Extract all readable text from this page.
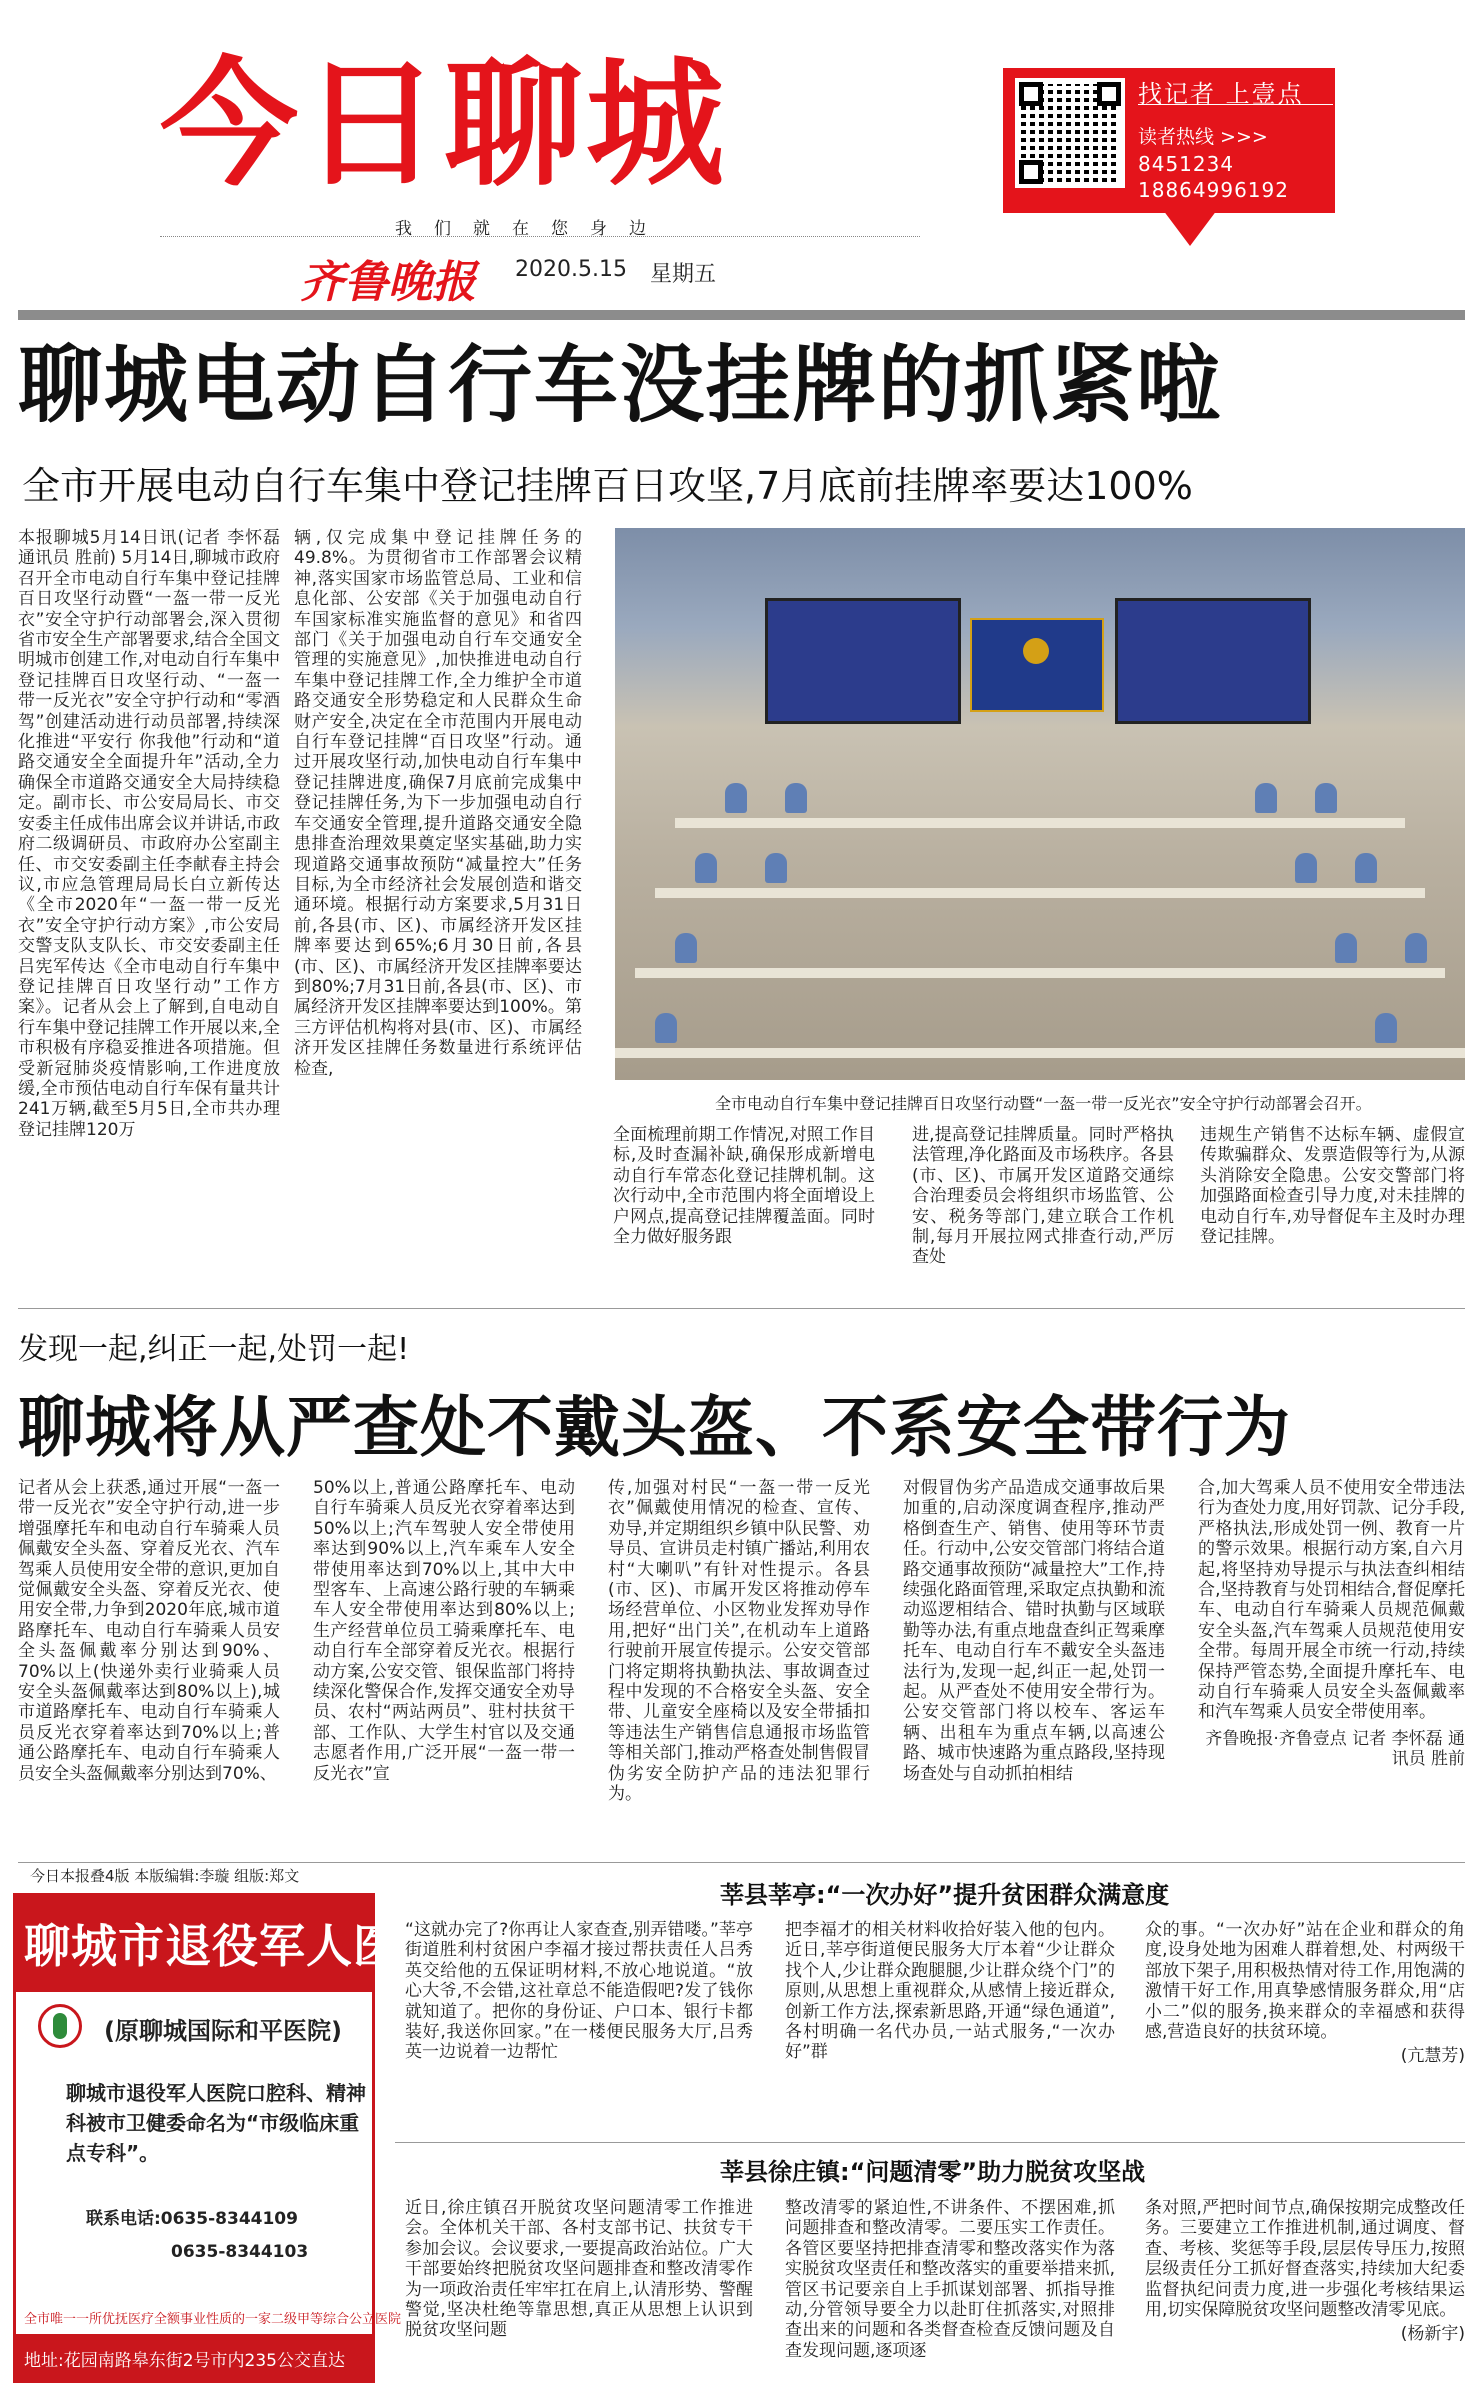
今日聊城
我们就在您身边
齐鲁晚报 2020.5.15 星期五
找记者 上壹点
读者热线 >>>
8451234
18864996192
聊城电动自行车没挂牌的抓紧啦
全市开展电动自行车集中登记挂牌百日攻坚,7月底前挂牌率要达100%

本报聊城5月14日讯(记者 李怀磊 通讯员 胜前) 5月14日,聊城市政府召开全市电动自行车集中登记挂牌百日攻坚行动暨“一盔一带一反光衣”安全守护行动部署会,深入贯彻省市安全生产部署要求,结合全国文明城市创建工作,对电动自行车集中登记挂牌百日攻坚行动、“一盔一带一反光衣”安全守护行动和“零酒驾”创建活动进行动员部署,持续深化推进“平安行 你我他”行动和“道路交通安全全面提升年”活动,全力确保全市道路交通安全大局持续稳定。副市长、市公安局局长、市交安委主任成伟出席会议并讲话,市政府二级调研员、市政府办公室副主任、市交安委副主任李献春主持会议,市应急管理局局长白立新传达《全市2020年“一盔一带一反光衣”安全守护行动方案》,市公安局交警支队支队长、市交安委副主任吕宪军传达《全市电动自行车集中登记挂牌百日攻坚行动”工作方案》。记者从会上了解到,自电动自行车集中登记挂牌工作开展以来,全市积极有序稳妥推进各项措施。但受新冠肺炎疫情影响,工作进度放缓,全市预估电动自行车保有量共计241万辆,截至5月5日,全市共办理登记挂牌120万

辆,仅完成集中登记挂牌任务的49.8%。为贯彻省市工作部署会议精神,落实国家市场监管总局、工业和信息化部、公安部《关于加强电动自行车国家标准实施监督的意见》和省四部门《关于加强电动自行车交通安全管理的实施意见》,加快推进电动自行车集中登记挂牌工作,全力维护全市道路交通安全形势稳定和人民群众生命财产安全,决定在全市范围内开展电动自行车登记挂牌“百日攻坚”行动。通过开展攻坚行动,加快电动自行车集中登记挂牌进度,确保7月底前完成集中登记挂牌任务,为下一步加强电动自行车交通安全管理,提升道路交通安全隐患排查治理效果奠定坚实基础,助力实现道路交通事故预防“减量控大”任务目标,为全市经济社会发展创造和谐交通环境。根据行动方案要求,5月31日前,各县(市、区)、市属经济开发区挂牌率要达到65%;6月30日前,各县(市、区)、市属经济开发区挂牌率要达到80%;7月31日前,各县(市、区)、市属经济开发区挂牌率要达到100%。第三方评估机构将对县(市、区)、市属经济开发区挂牌任务数量进行系统评估检查,

全市电动自行车集中登记挂牌百日攻坚行动暨“一盔一带一反光衣”安全守护行动部署会召开。

全面梳理前期工作情况,对照工作目标,及时查漏补缺,确保形成新增电动自行车常态化登记挂牌机制。这次行动中,全市范围内将全面增设上户网点,提高登记挂牌覆盖面。同时全力做好服务跟

进,提高登记挂牌质量。同时严格执法管理,净化路面及市场秩序。各县(市、区)、市属开发区道路交通综合治理委员会将组织市场监管、公安、税务等部门,建立联合工作机制,每月开展拉网式排查行动,严厉查处

违规生产销售不达标车辆、虚假宣传欺骗群众、发票造假等行为,从源头消除安全隐患。公安交警部门将加强路面检查引导力度,对未挂牌的电动自行车,劝导督促车主及时办理登记挂牌。

发现一起,纠正一起,处罚一起!
聊城将从严查处不戴头盔、不系安全带行为

记者从会上获悉,通过开展“一盔一带一反光衣”安全守护行动,进一步增强摩托车和电动自行车骑乘人员佩戴安全头盔、穿着反光衣、汽车驾乘人员使用安全带的意识,更加自觉佩戴安全头盔、穿着反光衣、使用安全带,力争到2020年底,城市道路摩托车、电动自行车骑乘人员安全头盔佩戴率分别达到90%、70%以上(快递外卖行业骑乘人员安全头盔佩戴率达到80%以上),城市道路摩托车、电动自行车骑乘人员反光衣穿着率达到70%以上;普通公路摩托车、电动自行车骑乘人员安全头盔佩戴率分别达到70%、

50%以上,普通公路摩托车、电动自行车骑乘人员反光衣穿着率达到50%以上;汽车驾驶人安全带使用率达到90%以上,汽车乘车人安全带使用率达到70%以上,其中大中型客车、上高速公路行驶的车辆乘车人安全带使用率达到80%以上;生产经营单位员工骑乘摩托车、电动自行车全部穿着反光衣。根据行动方案,公安交管、银保监部门将持续深化警保合作,发挥交通安全劝导员、农村“两站两员”、驻村扶贫干部、工作队、大学生村官以及交通志愿者作用,广泛开展“一盔一带一反光衣”宣

传,加强对村民“一盔一带一反光衣”佩戴使用情况的检查、宣传、劝导,并定期组织乡镇中队民警、劝导员、宣讲员走村镇广播站,利用农村“大喇叭”有针对性提示。各县(市、区)、市属开发区将推动停车场经营单位、小区物业发挥劝导作用,把好“出门关”,在机动车上道路行驶前开展宣传提示。公安交管部门将定期将执勤执法、事故调查过程中发现的不合格安全头盔、安全带、儿童安全座椅以及安全带插扣等违法生产销售信息通报市场监管等相关部门,推动严格查处制售假冒伪劣安全防护产品的违法犯罪行为。

对假冒伪劣产品造成交通事故后果加重的,启动深度调查程序,推动严格倒查生产、销售、使用等环节责任。行动中,公安交管部门将结合道路交通事故预防“减量控大”工作,持续强化路面管理,采取定点执勤和流动巡逻相结合、错时执勤与区域联勤等办法,有重点地盘查纠正驾乘摩托车、电动自行车不戴安全头盔违法行为,发现一起,纠正一起,处罚一起。从严查处不使用安全带行为。公安交管部门将以校车、客运车辆、出租车为重点车辆,以高速公路、城市快速路为重点路段,坚持现场查处与自动抓拍相结

合,加大驾乘人员不使用安全带违法行为查处力度,用好罚款、记分手段,严格执法,形成处罚一例、教育一片的警示效果。根据行动方案,自六月起,将坚持劝导提示与执法查纠相结合,坚持教育与处罚相结合,督促摩托车、电动自行车骑乘人员规范佩戴安全头盔,汽车驾乘人员规范使用安全带。每周开展全市统一行动,持续保持严管态势,全面提升摩托车、电动自行车骑乘人员安全头盔佩戴率和汽车驾乘人员安全带使用率。

齐鲁晚报·齐鲁壹点 记者 李怀磊 通讯员 胜前

今日本报叠4版 本版编辑:李璇 组版:郑文
聊城市退役军人医院
(原聊城国际和平医院)
聊城市退役军人医院口腔科、精神科被市卫健委命名为“市级临床重点专科”。
联系电话:0635-8344109
0635-8344103
全市唯一一所优抚医疗全额事业性质的一家二级甲等综合公立医院
地址:花园南路皋东街2号市内235公交直达
莘县莘亭:“一次办好”提升贫困群众满意度

“这就办完了?你再让人家查查,别弄错喽。”莘亭街道胜利村贫困户李福才接过帮扶责任人吕秀英交给他的五保证明材料,不放心地说道。“放心大爷,不会错,这社章总不能造假吧?发了钱你就知道了。把你的身份证、户口本、银行卡都装好,我送你回家。”在一楼便民服务大厅,吕秀英一边说着一边帮忙

把李福才的相关材料收拾好装入他的包内。近日,莘亭街道便民服务大厅本着“少让群众找个人,少让群众跑腿腿,少让群众绕个门”的原则,从思想上重视群众,从感情上接近群众,创新工作方法,探索新思路,开通“绿色通道”,各村明确一名代办员,一站式服务,“一次办好”群

众的事。“一次办好”站在企业和群众的角度,设身处地为困难人群着想,处、村两级干部放下架子,用积极热情对待工作,用饱满的激情干好工作,用真挚感情服务群众,用“店小二”似的服务,换来群众的幸福感和获得感,营造良好的扶贫环境。

(亢慧芳)

莘县徐庄镇:“问题清零”助力脱贫攻坚战

近日,徐庄镇召开脱贫攻坚问题清零工作推进会。全体机关干部、各村支部书记、扶贫专干参加会议。会议要求,一要提高政治站位。广大干部要始终把脱贫攻坚问题排查和整改清零作为一项政治责任牢牢扛在肩上,认清形势、警醒警觉,坚决杜绝等靠思想,真正从思想上认识到脱贫攻坚问题

整改清零的紧迫性,不讲条件、不摆困难,抓问题排查和整改清零。二要压实工作责任。各管区要坚持把排查清零和整改落实作为落实脱贫攻坚责任和整改落实的重要举措来抓,管区书记要亲自上手抓谋划部署、抓指导推动,分管领导要全力以赴盯住抓落实,对照排查出来的问题和各类督查检查反馈问题及自查发现问题,逐项逐

条对照,严把时间节点,确保按期完成整改任务。三要建立工作推进机制,通过调度、督查、考核、奖惩等手段,层层传导压力,按照层级责任分工抓好督查落实,持续加大纪委监督执纪问责力度,进一步强化考核结果运用,切实保障脱贫攻坚问题整改清零见底。

(杨新宇)
